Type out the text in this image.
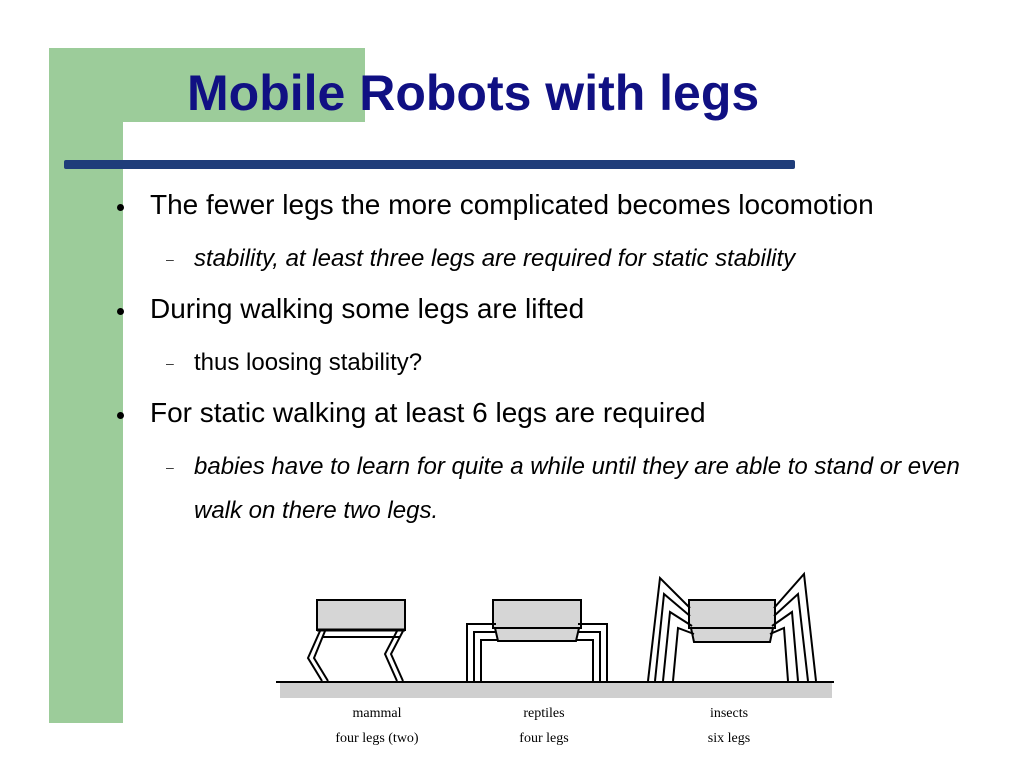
Mobile Robots with legs
The fewer legs the more complicated becomes locomotion
– stability, at least three legs are required for static stability
During walking some legs are lifted
– thus loosing stability?
For static walking at least 6 legs are required
– babies have to learn for quite a while until they are able to stand or even walk on there two legs.
mammal
four legs (two)
reptiles
four legs
insects
six legs
